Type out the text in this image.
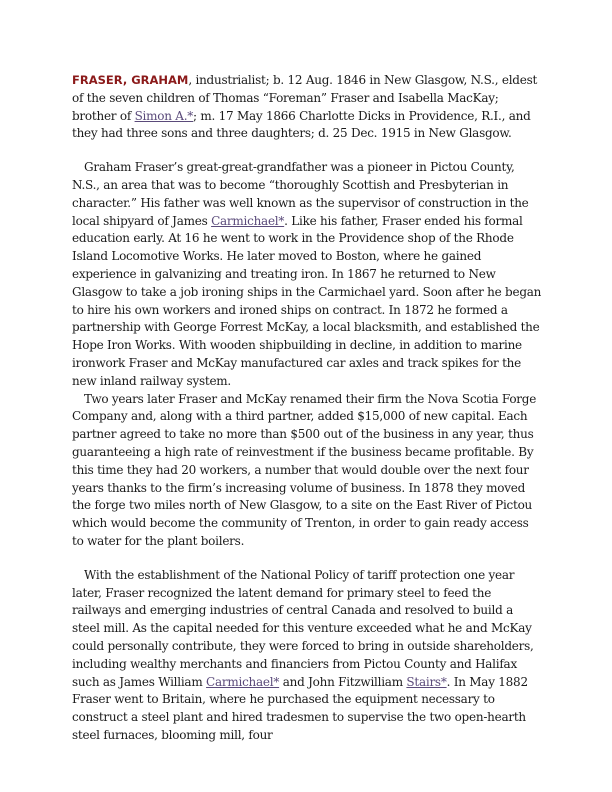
FRASER, GRAHAM, industrialist; b. 12 Aug. 1846 in New Glasgow, N.S., eldest of the seven children of Thomas “Foreman” Fraser and Isabella MacKay; brother of Simon A.*; m. 17 May 1866 Charlotte Dicks in Providence, R.I., and they had three sons and three daughters; d. 25 Dec. 1915 in New Glasgow.

Graham Fraser’s great-great-grandfather was a pioneer in Pictou County, N.S., an area that was to become “thoroughly Scottish and Presbyterian in character.” His father was well known as the supervisor of construction in the local shipyard of James Carmichael*. Like his father, Fraser ended his formal education early. At 16 he went to work in the Providence shop of the Rhode Island Locomotive Works. He later moved to Boston, where he gained experience in galvanizing and treating iron. In 1867 he returned to New Glasgow to take a job ironing ships in the Carmichael yard. Soon after he began to hire his own workers and ironed ships on contract. In 1872 he formed a partnership with George Forrest McKay, a local blacksmith, and established the Hope Iron Works. With wooden shipbuilding in decline, in addition to marine ironwork Fraser and McKay manufactured car axles and track spikes for the new inland railway system.

Two years later Fraser and McKay renamed their firm the Nova Scotia Forge Company and, along with a third partner, added $15,000 of new capital. Each partner agreed to take no more than $500 out of the business in any year, thus guaranteeing a high rate of reinvestment if the business became profitable. By this time they had 20 workers, a number that would double over the next four years thanks to the firm’s increasing volume of business. In 1878 they moved the forge two miles north of New Glasgow, to a site on the East River of Pictou which would become the community of Trenton, in order to gain ready access to water for the plant boilers.

With the establishment of the National Policy of tariff protection one year later, Fraser recognized the latent demand for primary steel to feed the railways and emerging industries of central Canada and resolved to build a steel mill. As the capital needed for this venture exceeded what he and McKay could personally contribute, they were forced to bring in outside shareholders, including wealthy merchants and financiers from Pictou County and Halifax such as James William Carmichael* and John Fitzwilliam Stairs*. In May 1882 Fraser went to Britain, where he purchased the equipment necessary to construct a steel plant and hired tradesmen to supervise the two open-hearth steel furnaces, blooming mill, four
